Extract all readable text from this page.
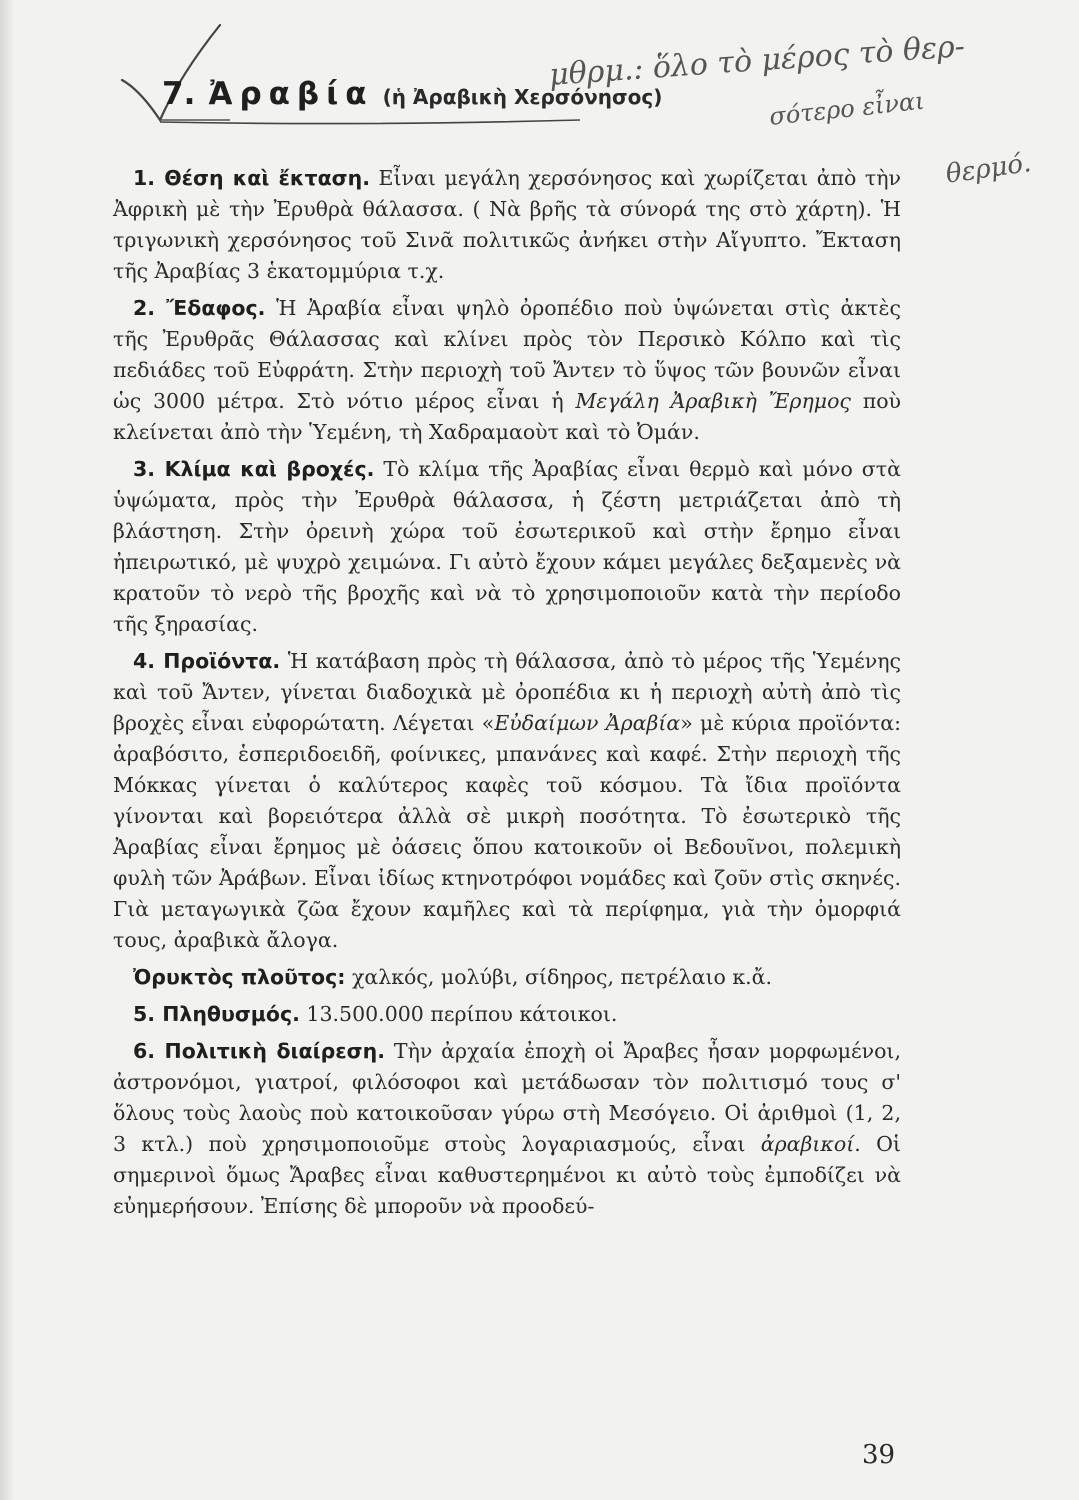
7. Ἀραβία (ἡ Ἀραβικὴ Χερσόνησος)
μθρμ.: ὅλο τὸ μέρος τὸ θερ-
σότερο εἶναι
θερμό.

1. Θέση καὶ ἔκταση. Εἶναι μεγάλη χερσόνησος καὶ χωρίζεται ἀπὸ τὴν Ἀφρικὴ μὲ τὴν Ἐρυθρὰ θάλασσα. ( Νὰ βρῆς τὰ σύνορά της στὸ χάρτη). Ἡ τριγωνικὴ χερσόνησος τοῦ Σινᾶ πολιτικῶς ἀνήκει στὴν Αἴγυπτο. Ἔκταση τῆς Ἀραβίας 3 ἑκατομμύρια τ.χ.

2. Ἔδαφος. Ἡ Ἀραβία εἶναι ψηλὸ ὀροπέδιο ποὺ ὑψώνεται στὶς ἀκτὲς τῆς Ἐρυθρᾶς Θάλασσας καὶ κλίνει πρὸς τὸν Περσικὸ Κόλπο καὶ τὶς πεδιάδες τοῦ Εὐφράτη. Στὴν περιοχὴ τοῦ Ἄντεν τὸ ὕψος τῶν βουνῶν εἶναι ὡς 3000 μέτρα. Στὸ νότιο μέρος εἶναι ἡ Μεγάλη Ἀραβικὴ Ἔρημος ποὺ κλείνεται ἀπὸ τὴν Ὑεμένη, τὴ Χαδραμαοὺτ καὶ τὸ Ὀμάν.

3. Κλίμα καὶ βροχές. Τὸ κλίμα τῆς Ἀραβίας εἶναι θερμὸ καὶ μόνο στὰ ὑψώματα, πρὸς τὴν Ἐρυθρὰ θάλασσα, ἡ ζέστη μετριάζεται ἀπὸ τὴ βλάστηση. Στὴν ὀρεινὴ χώρα τοῦ ἐσωτερικοῦ καὶ στὴν ἔρημο εἶναι ἠπειρωτικό, μὲ ψυχρὸ χειμώνα. Γι αὐτὸ ἔχουν κάμει μεγάλες δεξαμενὲς νὰ κρατοῦν τὸ νερὸ τῆς βροχῆς καὶ νὰ τὸ χρησιμοποιοῦν κατὰ τὴν περίοδο τῆς ξηρασίας.

4. Προϊόντα. Ἡ κατάβαση πρὸς τὴ θάλασσα, ἀπὸ τὸ μέρος τῆς Ὑεμένης καὶ τοῦ Ἄντεν, γίνεται διαδοχικὰ μὲ ὀροπέδια κι ἡ περιοχὴ αὐτὴ ἀπὸ τὶς βροχὲς εἶναι εὐφορώτατη. Λέγεται «Εὐδαίμων Ἀραβία» μὲ κύρια προϊόντα: ἀραβόσιτο, ἑσπεριδοειδῆ, φοίνικες, μπανάνες καὶ καφέ. Στὴν περιοχὴ τῆς Μόκκας γίνεται ὁ καλύτερος καφὲς τοῦ κόσμου. Τὰ ἴδια προϊόντα γίνονται καὶ βορειότερα ἀλλὰ σὲ μικρὴ ποσότητα. Τὸ ἐσωτερικὸ τῆς Ἀραβίας εἶναι ἔρημος μὲ ὀάσεις ὅπου κατοικοῦν οἱ Βεδουῖνοι, πολεμικὴ φυλὴ τῶν Ἀράβων. Εἶναι ἰδίως κτηνοτρόφοι νομάδες καὶ ζοῦν στὶς σκηνές. Γιὰ μεταγωγικὰ ζῶα ἔχουν καμῆλες καὶ τὰ περίφημα, γιὰ τὴν ὀμορφιά τους, ἀραβικὰ ἄλογα.

Ὀρυκτὸς πλοῦτος: χαλκός, μολύβι, σίδηρος, πετρέλαιο κ.ἄ.

5. Πληθυσμός. 13.500.000 περίπου κάτοικοι.

6. Πολιτικὴ διαίρεση. Τὴν ἀρχαία ἐποχὴ οἱ Ἄραβες ἦσαν μορφωμένοι, ἀστρονόμοι, γιατροί, φιλόσοφοι καὶ μετάδωσαν τὸν πολιτισμό τους σ' ὅλους τοὺς λαοὺς ποὺ κατοικοῦσαν γύρω στὴ Μεσόγειο. Οἱ ἀριθμοὶ (1, 2, 3 κτλ.) ποὺ χρησιμοποιοῦμε στοὺς λογαριασμούς, εἶναι ἀραβικοί. Οἱ σημερινοὶ ὅμως Ἄραβες εἶναι καθυστερημένοι κι αὐτὸ τοὺς ἐμποδίζει νὰ εὐημερήσουν. Ἐπίσης δὲ μποροῦν νὰ προοδεύ-

39
